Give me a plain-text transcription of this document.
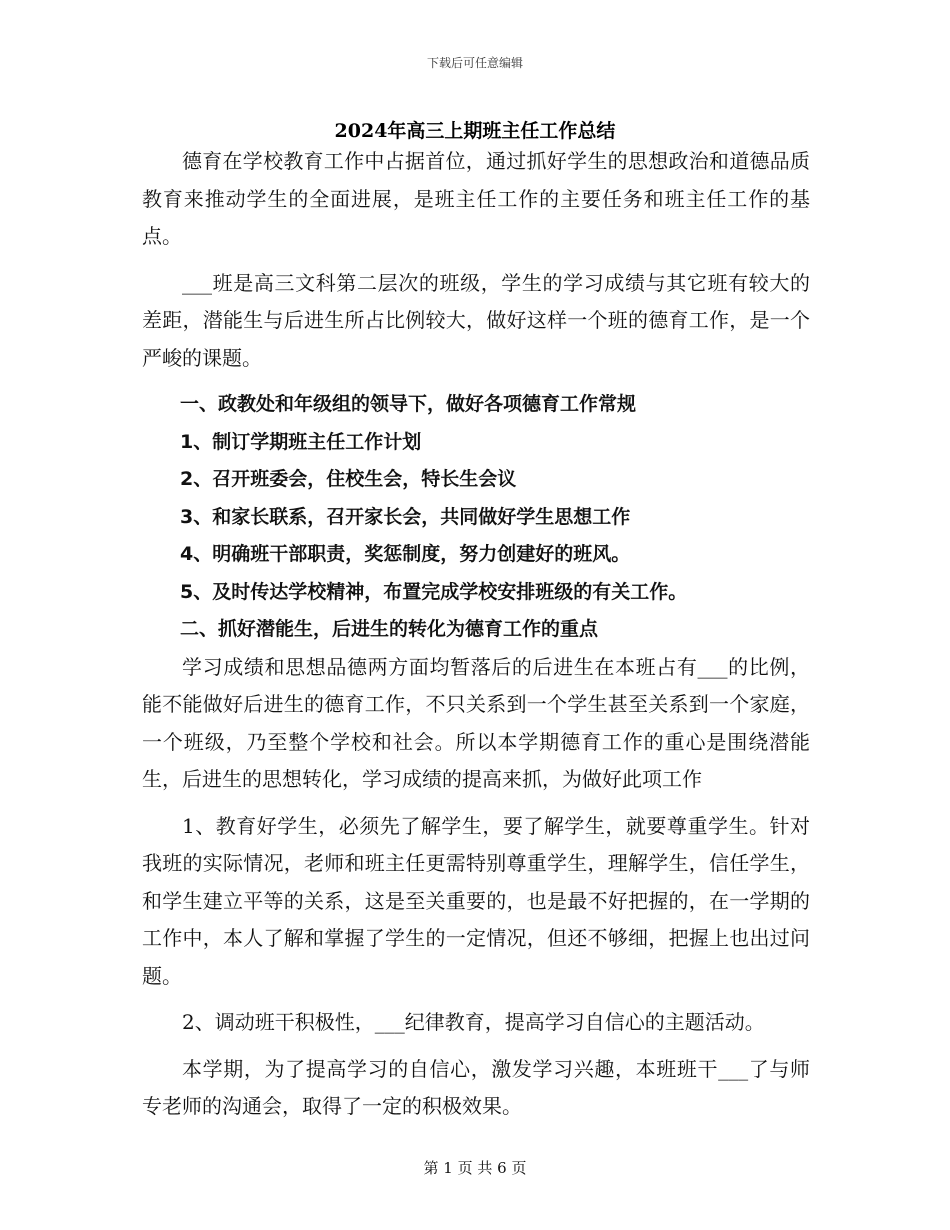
下载后可任意编辑
2024年高三上期班主任工作总结

德育在学校教育工作中占据首位，通过抓好学生的思想政治和道德品质教育来推动学生的全面进展，是班主任工作的主要任务和班主任工作的基点。

___班是高三文科第二层次的班级，学生的学习成绩与其它班有较大的差距，潜能生与后进生所占比例较大，做好这样一个班的德育工作，是一个严峻的课题。

一、政教处和年级组的领导下，做好各项德育工作常规

1、制订学期班主任工作计划

2、召开班委会，住校生会，特长生会议

3、和家长联系，召开家长会，共同做好学生思想工作

4、明确班干部职责，奖惩制度，努力创建好的班风。

5、及时传达学校精神，布置完成学校安排班级的有关工作。

二、抓好潜能生，后进生的转化为德育工作的重点

学习成绩和思想品德两方面均暂落后的后进生在本班占有___的比例，能不能做好后进生的德育工作，不只关系到一个学生甚至关系到一个家庭，一个班级，乃至整个学校和社会。所以本学期德育工作的重心是围绕潜能生，后进生的思想转化，学习成绩的提高来抓，为做好此项工作

1、教育好学生，必须先了解学生，要了解学生，就要尊重学生。针对我班的实际情况，老师和班主任更需特别尊重学生，理解学生，信任学生，和学生建立平等的关系，这是至关重要的，也是最不好把握的，在一学期的工作中，本人了解和掌握了学生的一定情况，但还不够细，把握上也出过问题。

2、调动班干积极性，___纪律教育，提高学习自信心的主题活动。

本学期，为了提高学习的自信心，激发学习兴趣，本班班干___了与师专老师的沟通会，取得了一定的积极效果。

第 1 页 共 6 页
